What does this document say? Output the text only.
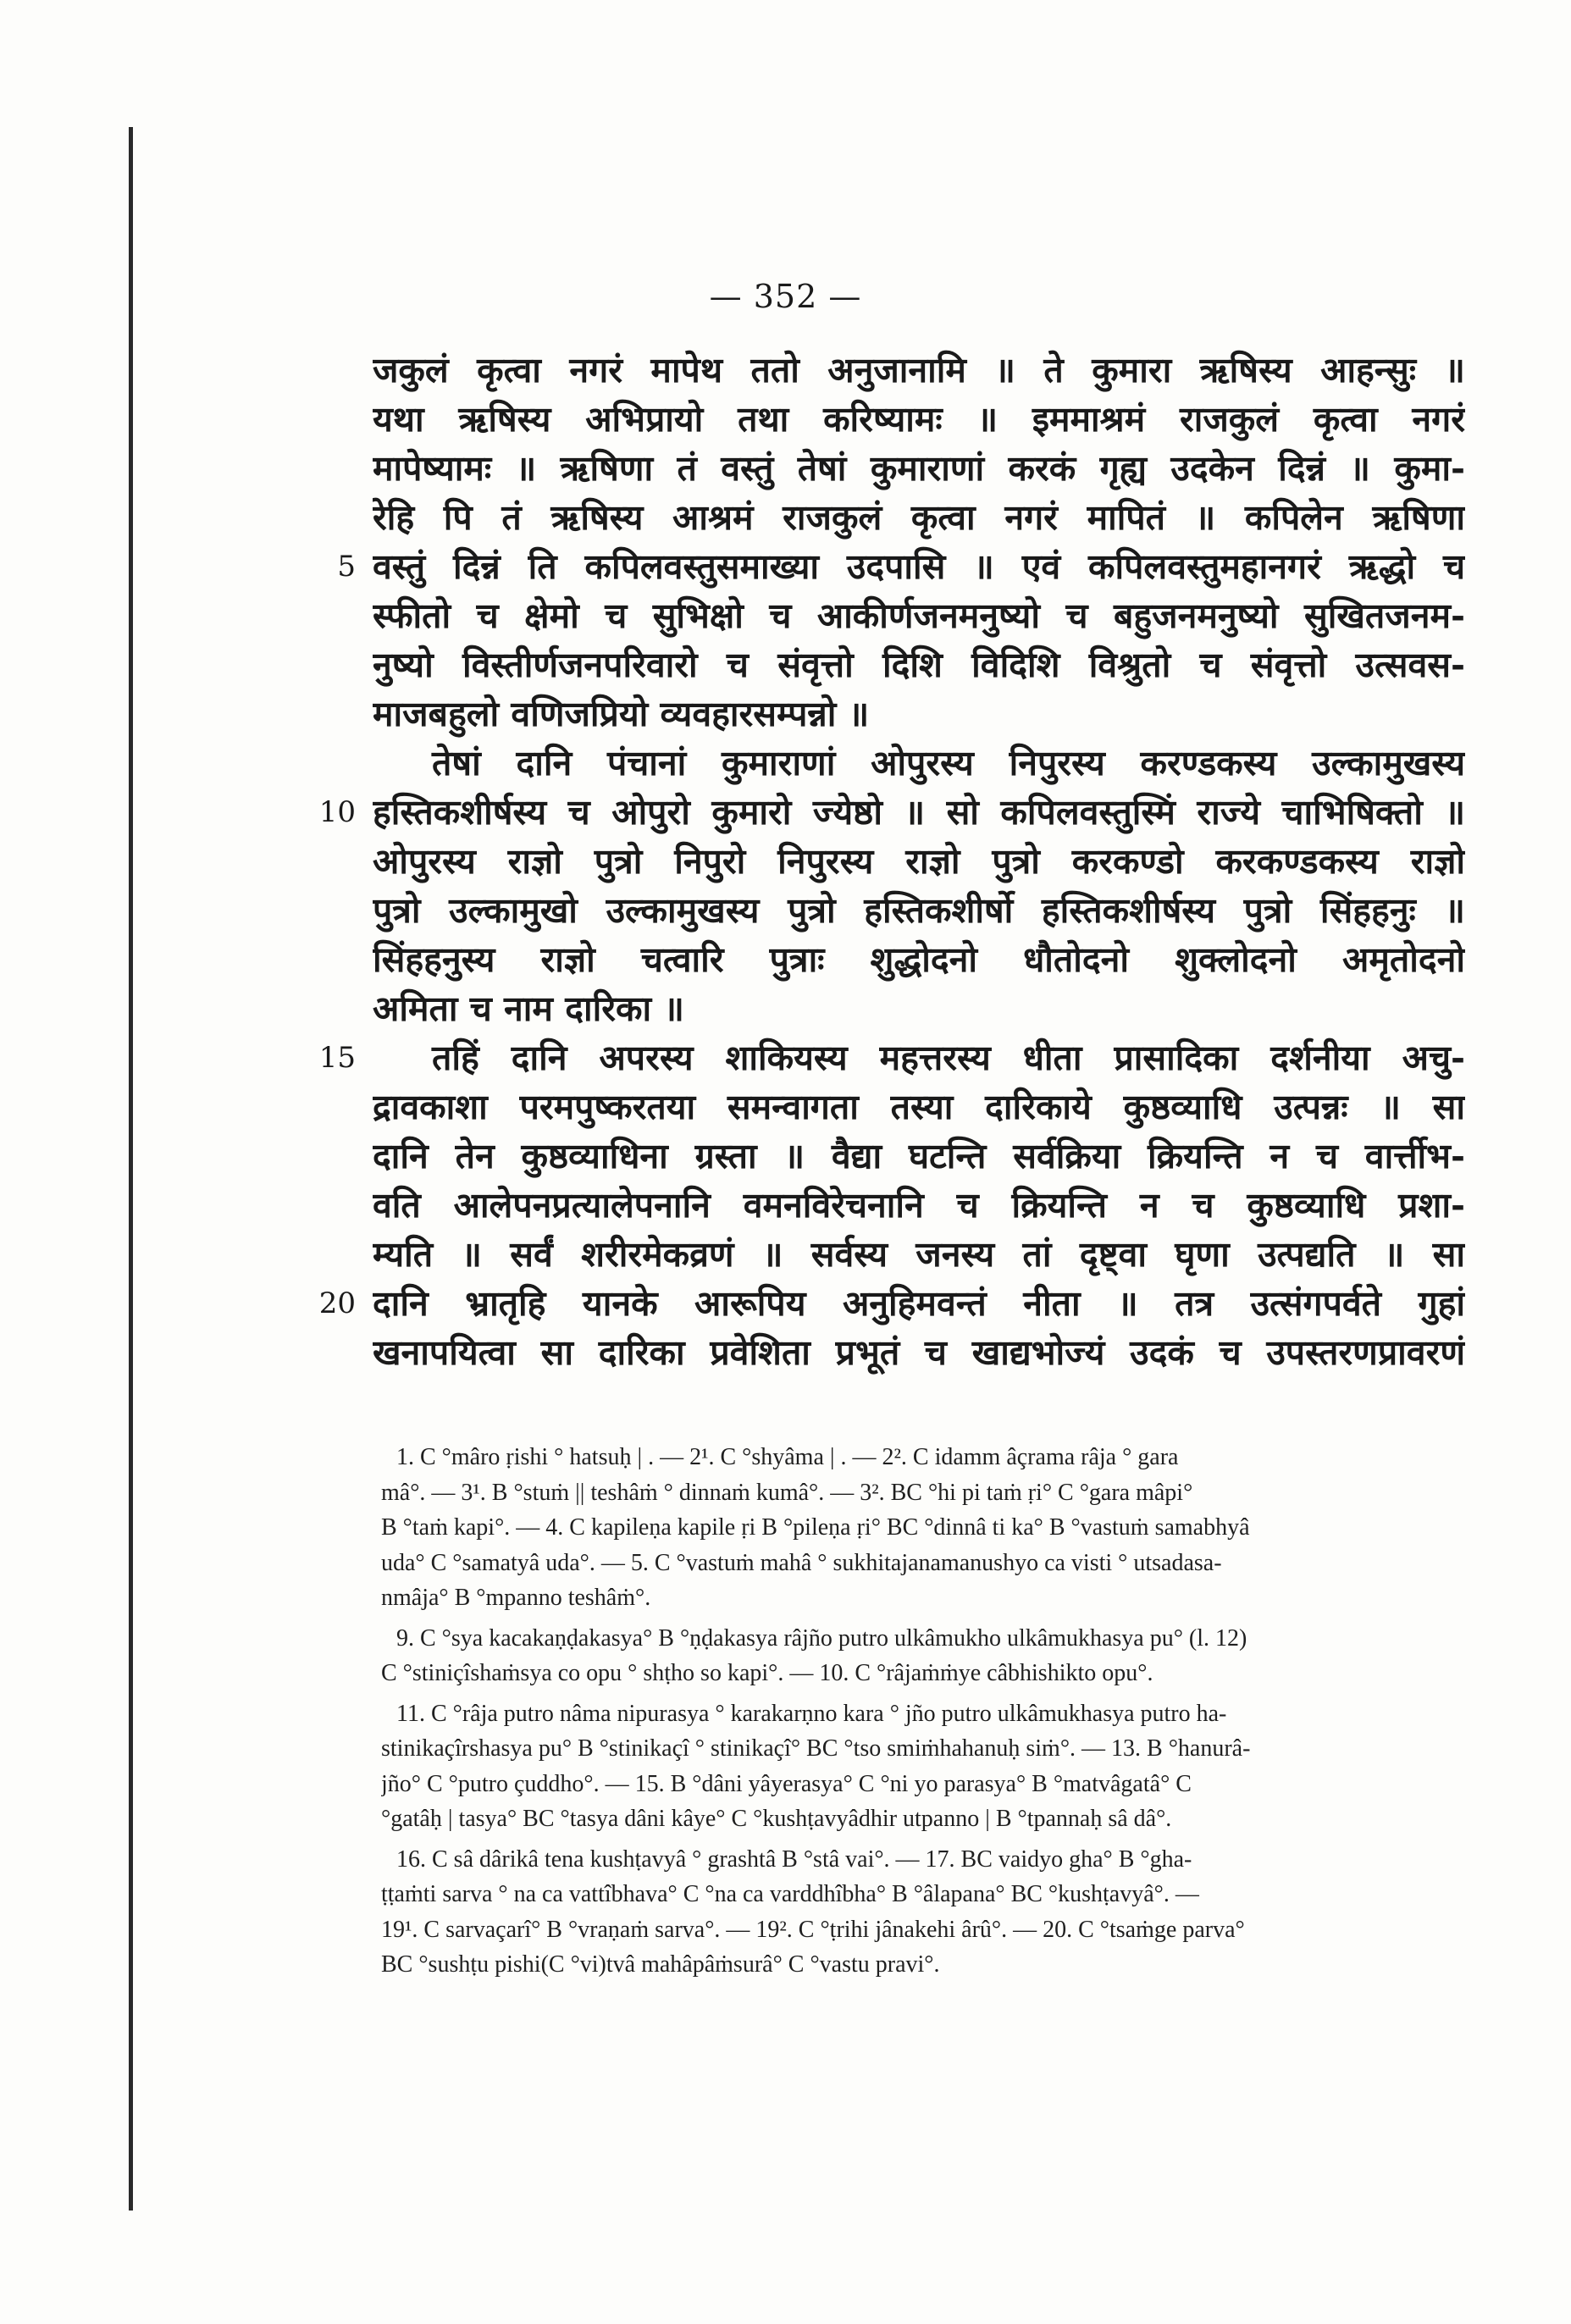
— 352 —
जकुलं कृत्वा नगरं मापेथ ततो अनुजानामि ॥ ते कुमारा ऋषिस्य आहन्सुः ॥
यथा ऋषिस्य अभिप्रायो तथा करिष्यामः ॥ इममाश्रमं राजकुलं कृत्वा नगरं
मापेष्यामः ॥ ऋषिणा तं वस्तुं तेषां कुमाराणां करकं गृह्य उदकेन दिन्नं ॥ कुमा-
रेहि पि तं ऋषिस्य आश्रमं राजकुलं कृत्वा नगरं मापितं ॥ कपिलेन ऋषिणा
वस्तुं दिन्नं ति कपिलवस्तुसमाख्या उदपासि ॥ एवं कपिलवस्तुमहानगरं ऋद्धो च
स्फीतो च क्षेमो च सुभिक्षो च आकीर्णजनमनुष्यो च बहुजनमनुष्यो सुखितजनम-
नुष्यो विस्तीर्णजनपरिवारो च संवृत्तो दिशि विदिशि विश्रुतो च संवृत्तो उत्सवस-
माजबहुलो वणिजप्रियो व्यवहारसम्पन्नो ॥
तेषां दानि पंचानां कुमाराणां ओपुरस्य निपुरस्य करण्डकस्य उल्कामुखस्य
हस्तिकशीर्षस्य च ओपुरो कुमारो ज्येष्ठो ॥ सो कपिलवस्तुस्मिं राज्ये चाभिषिक्तो ॥
ओपुरस्य राज्ञो पुत्रो निपुरो निपुरस्य राज्ञो पुत्रो करकण्डो करकण्डकस्य राज्ञो
पुत्रो उल्कामुखो उल्कामुखस्य पुत्रो हस्तिकशीर्षो हस्तिकशीर्षस्य पुत्रो सिंहहनुः ॥
सिंहहनुस्य राज्ञो चत्वारि पुत्राः शुद्धोदनो धौतोदनो शुक्लोदनो अमृतोदनो
अमिता च नाम दारिका ॥
तहिं दानि अपरस्य शाकियस्य महत्तरस्य धीता प्रासादिका दर्शनीया अचु-
द्रावकाशा परमपुष्करतया समन्वागता तस्या दारिकाये कुष्ठव्याधि उत्पन्नः ॥ सा
दानि तेन कुष्ठव्याधिना ग्रस्ता ॥ वैद्या घटन्ति सर्वक्रिया क्रियन्ति न च वार्त्तीभ-
वति आलेपनप्रत्यालेपनानि वमनविरेचनानि च क्रियन्ति न च कुष्ठव्याधि प्रशा-
म्यति ॥ सर्वं शरीरमेकव्रणं ॥ सर्वस्य जनस्य तां दृष्ट्वा घृणा उत्पद्यति ॥ सा
दानि भ्रातृहि यानके आरूपिय अनुहिमवन्तं नीता ॥ तत्र उत्संगपर्वते गुहां
खनापयित्वा सा दारिका प्रवेशिता प्रभूतं च खाद्यभोज्यं उदकं च उपस्तरणप्रावरणं
1. C °mâro ṛishi ° hatsuḥ | . — 2¹. C °shyâma | . — 2². C idamm âçrama râja ° gara
mâ°. — 3¹. B °stuṁ || teshâṁ ° dinnaṁ kumâ°. — 3². BC °hi pi taṁ ṛi° C °gara mâpi°
B °taṁ kapi°. — 4. C kapileṇa kapile ṛi B °pileṇa ṛi° BC °dinnâ ti ka° B °vastuṁ samabhyâ
uda° C °samatyâ uda°. — 5. C °vastuṁ mahâ ° sukhitajanamanushyo ca visti ° utsadasa-
nmâja° B °mpanno teshâṁ°.
9. C °sya kacakaṇḍakasya° B °ṇḍakasya râjño putro ulkâmukho ulkâmukhasya pu° (l. 12)
C °stiniçîshaṁsya co opu ° shṭho so kapi°. — 10. C °râjaṁṁye câbhishikto opu°.
11. C °râja putro nâma nipurasya ° karakarṇno kara ° jño putro ulkâmukhasya putro ha-
stinikaçîrshasya pu° B °stinikaçî ° stinikaçî° BC °tso smiṁhahanuḥ siṁ°. — 13. B °hanurâ-
jño° C °putro çuddho°. — 15. B °dâni yâyerasya° C °ni yo parasya° B °matvâgatâ° C
°gatâḥ | tasya° BC °tasya dâni kâye° C °kushṭavyâdhir utpanno | B °tpannaḥ sâ dâ°.
16. C sâ dârikâ tena kushṭavyâ ° grashtâ B °stâ vai°. — 17. BC vaidyo gha° B °gha-
ṭṭaṁti sarva ° na ca vattîbhava° C °na ca varddhîbha° B °âlapana° BC °kushṭavyâ°. —
19¹. C sarvaçarî° B °vraṇaṁ sarva°. — 19². C °ṭrihi jânakehi ârû°. — 20. C °tsaṁge parva°
BC °sushṭu pishi(C °vi)tvâ mahâpâṁsurâ° C °vastu pravi°.
5
10
15
20
